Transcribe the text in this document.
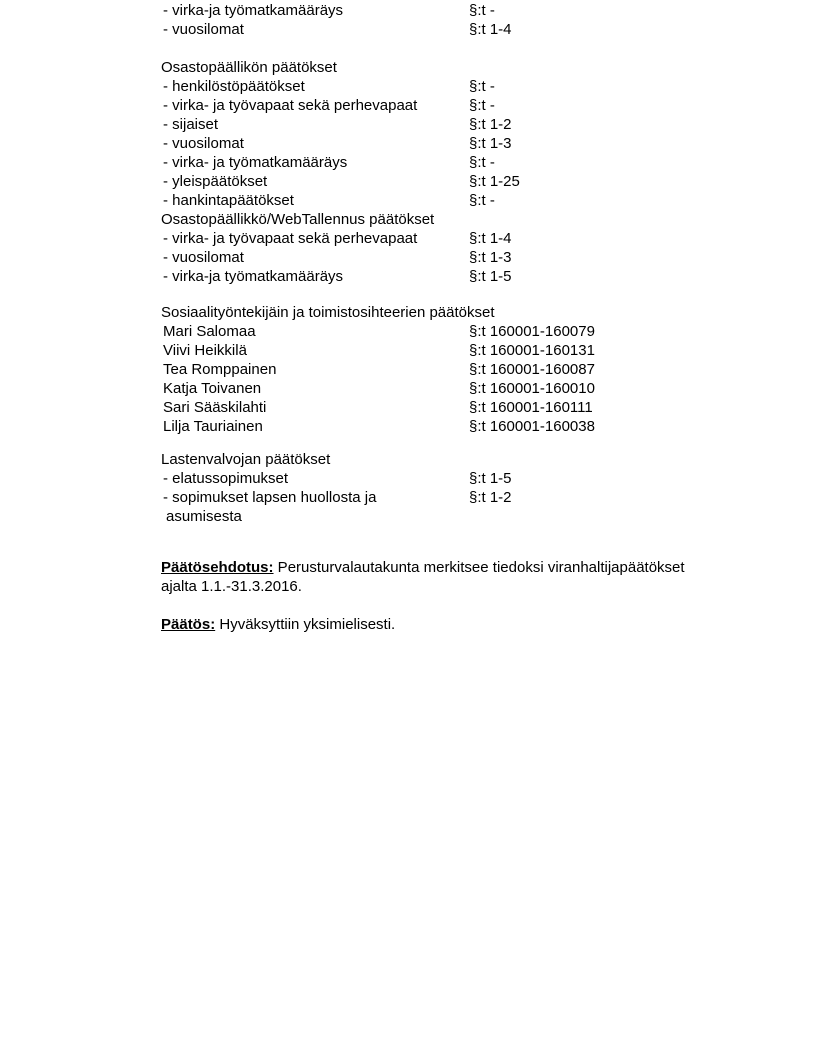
- virka-ja työmatkamääräys	§:t -
- vuosilomat	§:t 1-4
Osastopäällikön päätökset
- henkilöstöpäätökset	§:t -
- virka- ja työvapaat sekä perhevapaat	§:t -
- sijaiset	§:t 1-2
- vuosilomat	§:t 1-3
- virka- ja työmatkamääräys	§:t -
- yleispäätökset	§:t 1-25
- hankintapäätökset	§:t -
Osastopäällikkö/WebTallennus päätökset
- virka- ja työvapaat sekä perhevapaat	§:t 1-4
- vuosilomat	§:t 1-3
- virka-ja työmatkamääräys	§:t 1-5
Sosiaalityöntekijäin ja toimistosihteerien päätökset
Mari Salomaa	§:t 160001-160079
Viivi Heikkilä	§:t 160001-160131
Tea Romppainen	§:t 160001-160087
Katja Toivanen	§:t 160001-160010
Sari Sääskilahti	§:t 160001-160111
Lilja Tauriainen	§:t 160001-160038
Lastenvalvojan päätökset
- elatussopimukset	§:t 1-5
- sopimukset lapsen huollosta ja	§:t 1-2
asumisesta
Päätösehdotus: Perusturvalautakunta merkitsee tiedoksi viranhaltijapäätökset
ajalta 1.1.-31.3.2016.
Päätös: Hyväksyttiin yksimielisesti.
